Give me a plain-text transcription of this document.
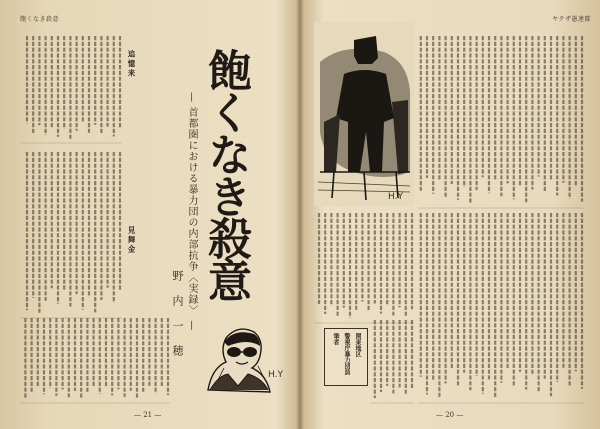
飽くなき殺意

追憶来
見舞金 飽くなき殺意
— 首都圏における暴力団の内部抗争〈実録〉 —
野内一穂
H.Y
— 21 —
ヤクザ愚連隊
H.Y
関東地区
警視庁暴力団員
筆者
— 20 —
